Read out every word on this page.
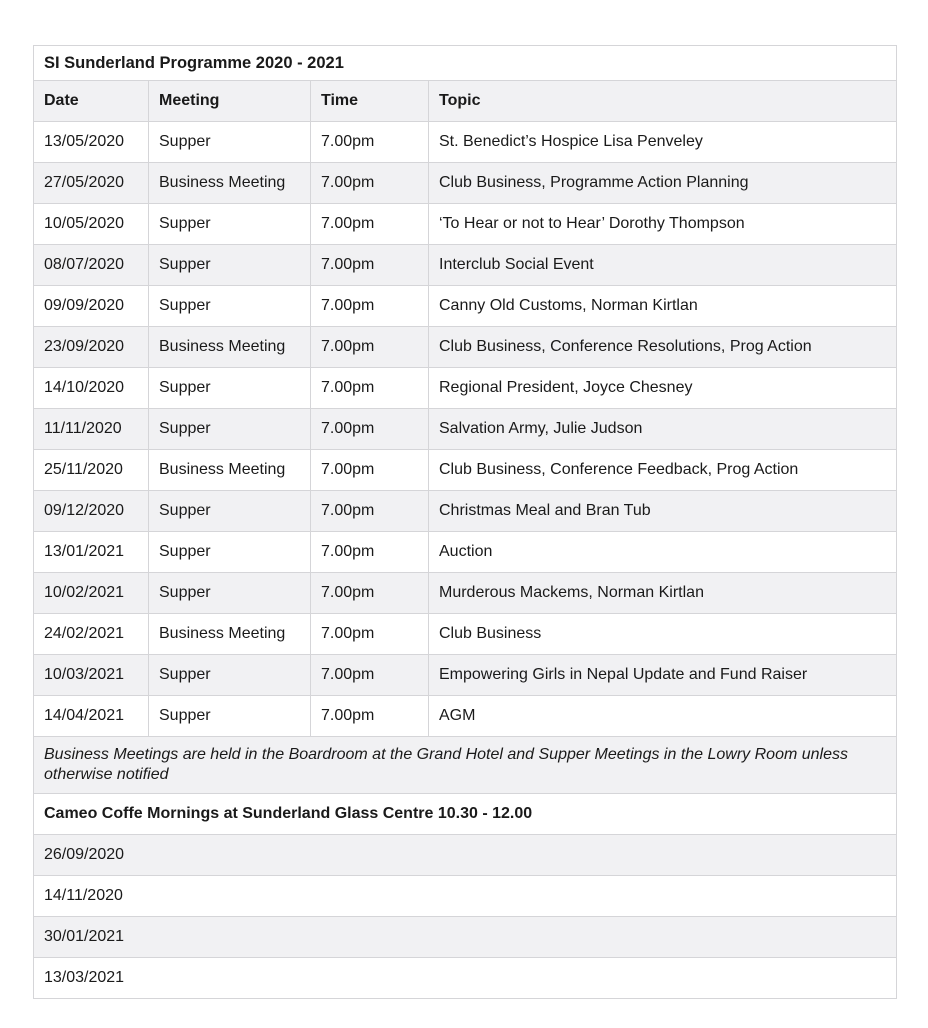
SI Sunderland Programme 2020 - 2021			
Date	Meeting	Time	Topic
13/05/2020	Supper	7.00pm	St. Benedict’s Hospice Lisa Penveley
27/05/2020	Business Meeting	7.00pm	Club Business, Programme Action Planning
10/05/2020	Supper	7.00pm	‘To Hear or not to Hear’ Dorothy Thompson
08/07/2020	Supper	7.00pm	Interclub Social Event
09/09/2020	Supper	7.00pm	Canny Old Customs, Norman Kirtlan
23/09/2020	Business Meeting	7.00pm	Club Business, Conference Resolutions, Prog Action
14/10/2020	Supper	7.00pm	Regional President, Joyce Chesney
11/11/2020	Supper	7.00pm	Salvation Army, Julie Judson
25/11/2020	Business Meeting	7.00pm	Club Business, Conference Feedback, Prog Action
09/12/2020	Supper	7.00pm	Christmas Meal and Bran Tub
13/01/2021	Supper	7.00pm	Auction
10/02/2021	Supper	7.00pm	Murderous Mackems, Norman Kirtlan
24/02/2021	Business Meeting	7.00pm	Club Business
10/03/2021	Supper	7.00pm	Empowering Girls in Nepal Update and Fund Raiser
14/04/2021	Supper	7.00pm	AGM
Business Meetings are held in the Boardroom at the Grand Hotel and Supper Meetings in the Lowry Room unless otherwise notified			
Cameo Coffe Mornings at Sunderland Glass Centre 10.30 - 12.00			
26/09/2020			
14/11/2020			
30/01/2021			
13/03/2021			
